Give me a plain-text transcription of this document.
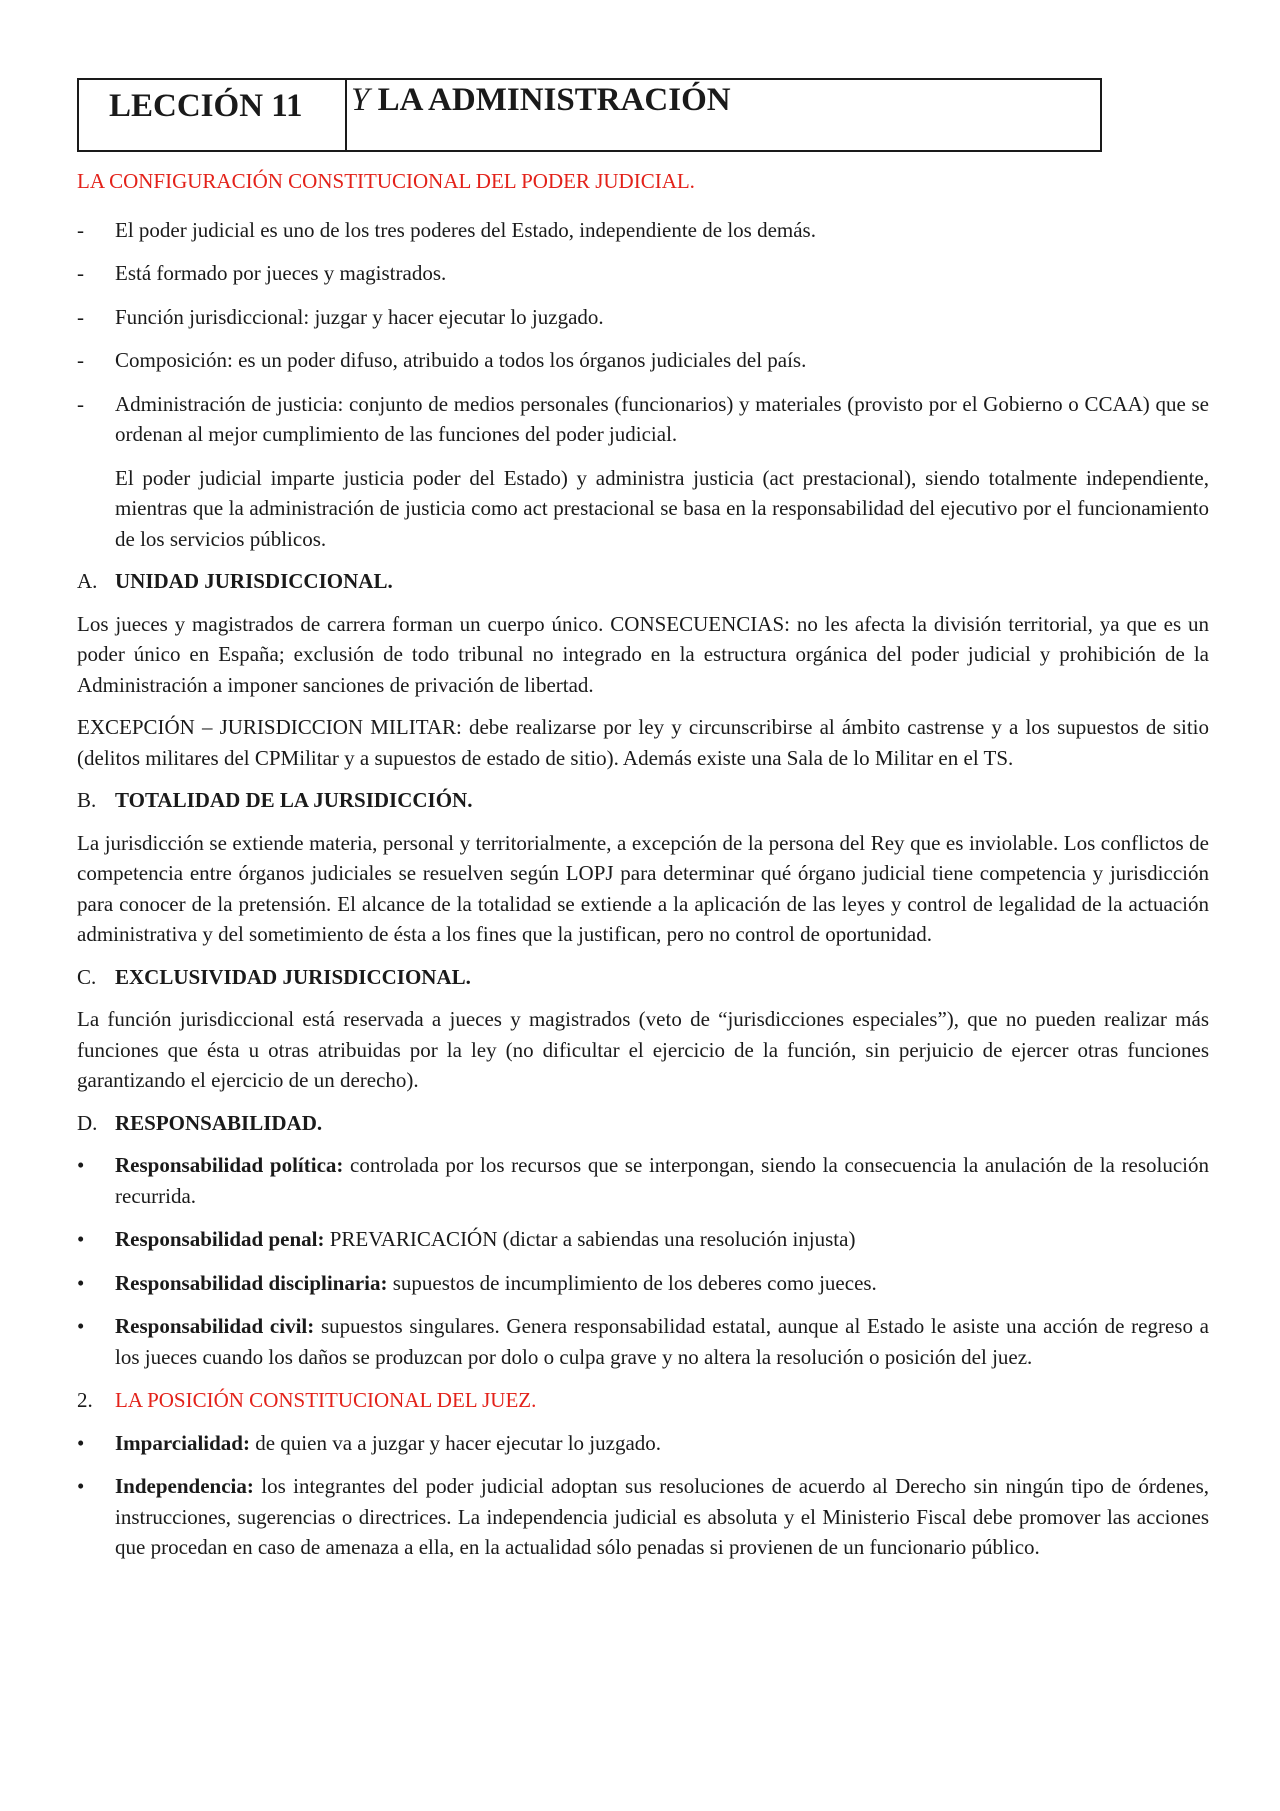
LECCIÓN 11	Y LA ADMINISTRACIÓN
LA CONFIGURACIÓN CONSTITUCIONAL DEL PODER JUDICIAL.
- El poder judicial es uno de los tres poderes del Estado, independiente de los demás.
- Está formado por jueces y magistrados.
- Función jurisdiccional: juzgar y hacer ejecutar lo juzgado.
- Composición: es un poder difuso, atribuido a todos los órganos judiciales del país.
- Administración de justicia: conjunto de medios personales (funcionarios) y materiales (provisto por el Gobierno o CCAA) que se ordenan al mejor cumplimiento de las funciones del poder judicial.
El poder judicial imparte justicia poder del Estado) y administra justicia (act prestacional), siendo totalmente independiente, mientras que la administración de justicia como act prestacional se basa en la responsabilidad del ejecutivo por el funcionamiento de los servicios públicos.
A. UNIDAD JURISDICCIONAL.
Los jueces y magistrados de carrera forman un cuerpo único. CONSECUENCIAS: no les afecta la división territorial, ya que es un poder único en España; exclusión de todo tribunal no integrado en la estructura orgánica del poder judicial y prohibición de la Administración a imponer sanciones de privación de libertad.
EXCEPCIÓN – JURISDICCION MILITAR: debe realizarse por ley y circunscribirse al ámbito castrense y a los supuestos de sitio (delitos militares del CPMilitar y a supuestos de estado de sitio). Además existe una Sala de lo Militar en el TS.
B. TOTALIDAD DE LA JURSIDICCIÓN.
La jurisdicción se extiende materia, personal y territorialmente, a excepción de la persona del Rey que es inviolable. Los conflictos de competencia entre órganos judiciales se resuelven según LOPJ para determinar qué órgano judicial tiene competencia y jurisdicción para conocer de la pretensión. El alcance de la totalidad se extiende a la aplicación de las leyes y control de legalidad de la actuación administrativa y del sometimiento de ésta a los fines que la justifican, pero no control de oportunidad.
C. EXCLUSIVIDAD JURISDICCIONAL.
La función jurisdiccional está reservada a jueces y magistrados (veto de “jurisdicciones especiales”), que no pueden realizar más funciones que ésta u otras atribuidas por la ley (no dificultar el ejercicio de la función, sin perjuicio de ejercer otras funciones garantizando el ejercicio de un derecho).
D. RESPONSABILIDAD.
• Responsabilidad política: controlada por los recursos que se interpongan, siendo la consecuencia la anulación de la resolución recurrida.
• Responsabilidad penal: PREVARICACIÓN (dictar a sabiendas una resolución injusta)
• Responsabilidad disciplinaria: supuestos de incumplimiento de los deberes como jueces.
• Responsabilidad civil: supuestos singulares. Genera responsabilidad estatal, aunque al Estado le asiste una acción de regreso a los jueces cuando los daños se produzcan por dolo o culpa grave y no altera la resolución o posición del juez.
2. LA POSICIÓN CONSTITUCIONAL DEL JUEZ.
• Imparcialidad: de quien va a juzgar y hacer ejecutar lo juzgado.
• Independencia: los integrantes del poder judicial adoptan sus resoluciones de acuerdo al Derecho sin ningún tipo de órdenes, instrucciones, sugerencias o directrices. La independencia judicial es absoluta y el Ministerio Fiscal debe promover las acciones que procedan en caso de amenaza a ella, en la actualidad sólo penadas si provienen de un funcionario público.
